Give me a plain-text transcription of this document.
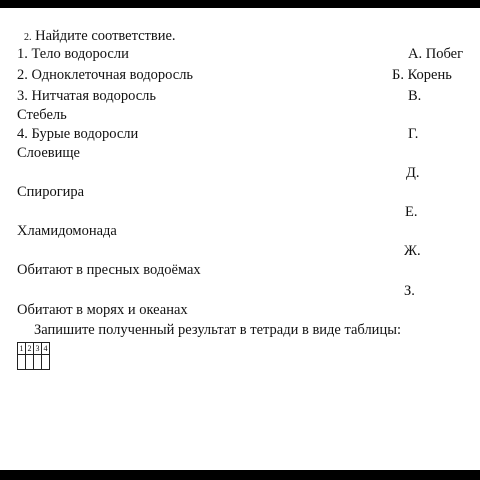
2. Найдите соответствие.
1. Тело водоросли
2. Одноклеточная водоросль
3. Нитчатая водоросль
Стебель
4. Бурые водоросли
Слоевище
Спирогира
Хламидомонада
Обитают в пресных водоёмах
Обитают в морях и океанах
А. Побег
Б. Корень
В.
Г.
Д.
Е.
Ж.
З.
Запишите полученный результат в тетради в виде таблицы:
1	2	3	4
